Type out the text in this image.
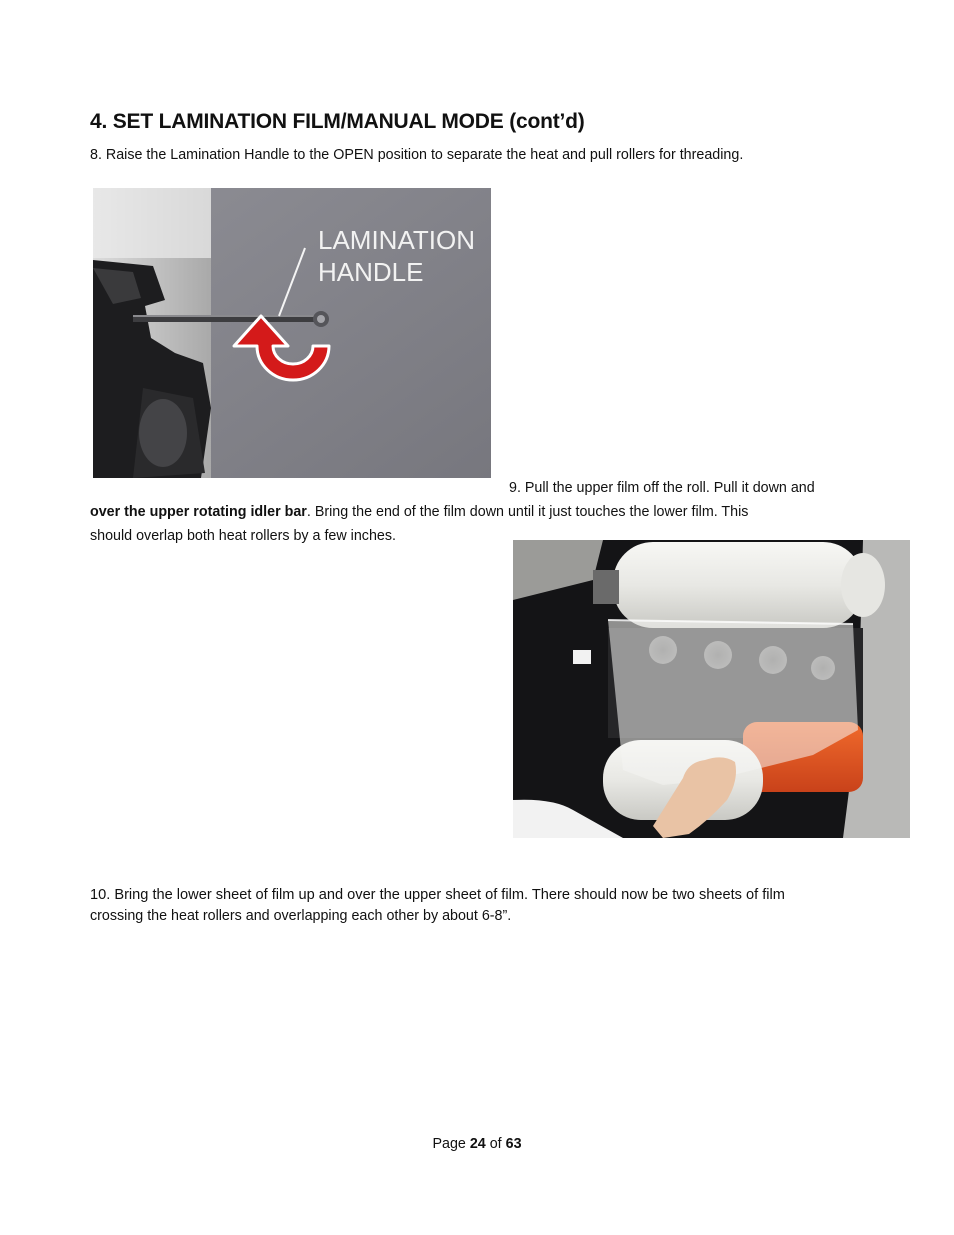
4. SET LAMINATION FILM/MANUAL MODE (cont’d)

8. Raise the Lamination Handle to the OPEN position to separate the heat and pull rollers for threading.

LAMINATION
HANDLE

9. Pull the upper film off the roll. Pull it down and

over the upper rotating idler bar. Bring the end of the film down until it just touches the lower film. This

should overlap both heat rollers by a few inches.

10. Bring the lower sheet of film up and over the upper sheet of film. There should now be two sheets of film

crossing the heat rollers and overlapping each other by about 6-8”.

Page 24 of 63
